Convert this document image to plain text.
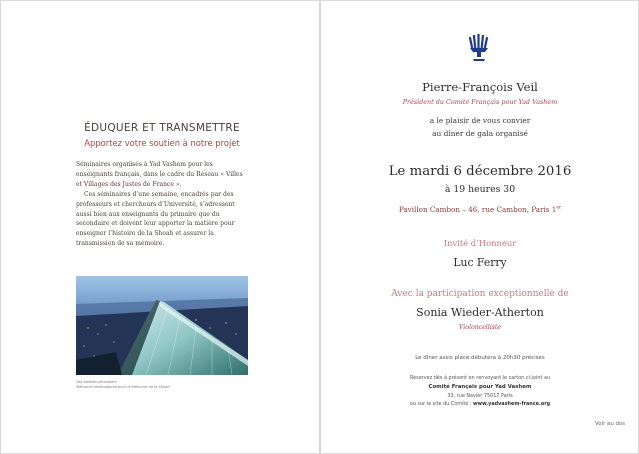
ÉDUQUER ET TRANSMETTRE
Apportez votre soutien à notre projet

Séminaires organisés à Yad Vashem pour les enseignants français, dans le cadre du Réseau « Villes et Villages des Justes de France ».

Ces séminaires d’une semaine, encadrés par des professeurs et chercheurs d’Université, s’adressent aussi bien aux enseignants du primaire que du secondaire et doivent leur apporter la matière pour enseigner l’histoire de la Shoah et assurer la transmission de sa mémoire.

Yad Vashem Jerusalem
Mémorial International pour la Mémoire de la Shoah
Pierre-François Veil
Président du Comité Français pour Yad Vashem
a le plaisir de vous convier
au dîner de gala organisé
Le mardi 6 décembre 2016
à 19 heures 30
Pavillon Cambon – 46, rue Cambon, Paris 1er
Invité d’Honneur
Luc Ferry
Avec la participation exceptionnelle de
Sonia Wieder-Atherton
Violoncelliste
Le dîner assis placé débutera à 20h30 précises
Réservez dès à présent en renvoyant le carton ci-joint au
Comité Français pour Yad Vashem
33, rue Navier 75017 Paris
ou sur le site du Comité : www.yadvashem-france.org
Voir au dos
